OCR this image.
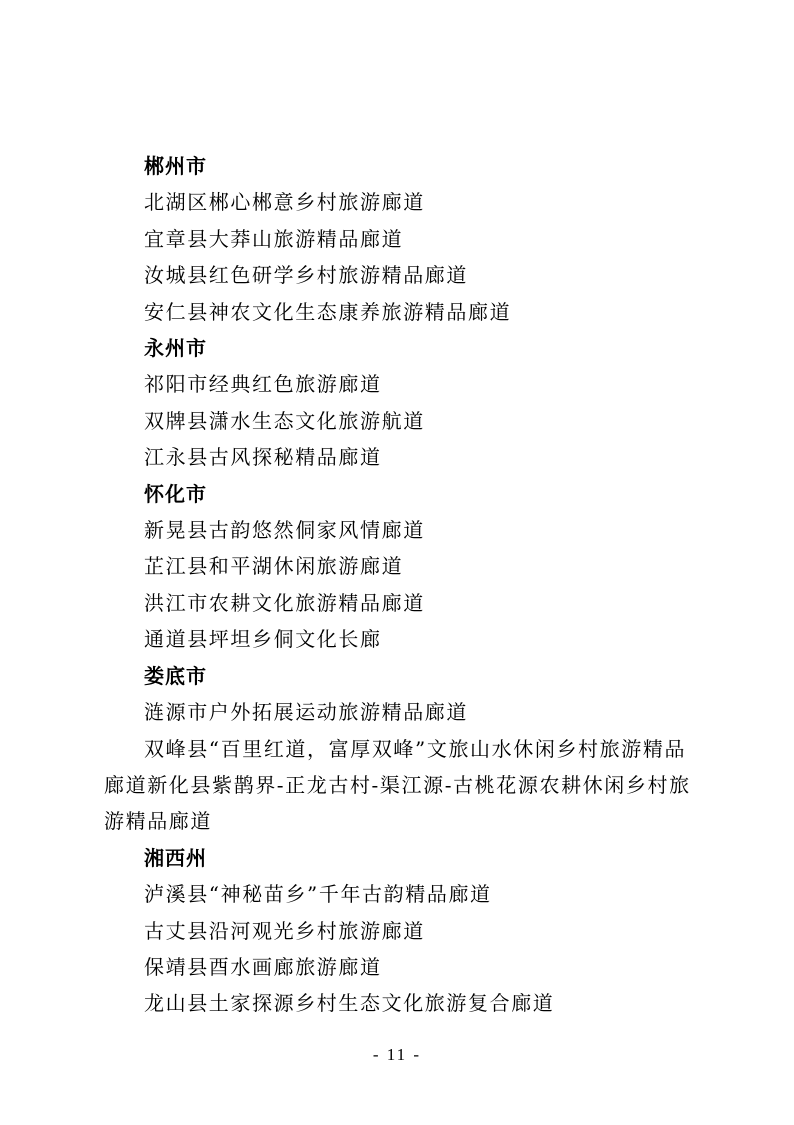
郴州市
北湖区郴心郴意乡村旅游廊道
宜章县大莽山旅游精品廊道
汝城县红色研学乡村旅游精品廊道
安仁县神农文化生态康养旅游精品廊道
永州市
祁阳市经典红色旅游廊道
双牌县潇水生态文化旅游航道
江永县古风探秘精品廊道
怀化市
新晃县古韵悠然侗家风情廊道
芷江县和平湖休闲旅游廊道
洪江市农耕文化旅游精品廊道
通道县坪坦乡侗文化长廊
娄底市
涟源市户外拓展运动旅游精品廊道
双峰县“百里红道，富厚双峰”文旅山水休闲乡村旅游精品廊道新化县紫鹊界-正龙古村-渠江源-古桃花源农耕休闲乡村旅游精品廊道
湘西州
泸溪县“神秘苗乡”千年古韵精品廊道
古丈县沿河观光乡村旅游廊道
保靖县酉水画廊旅游廊道
龙山县土家探源乡村生态文化旅游复合廊道
- 11 -
